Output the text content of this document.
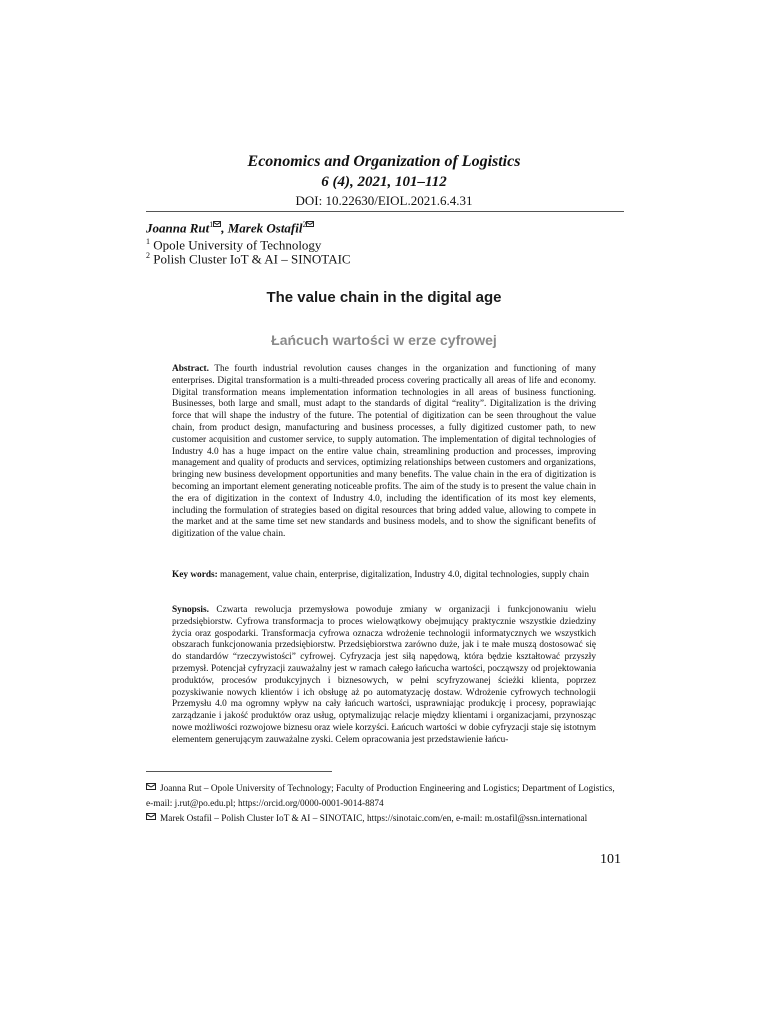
Economics and Organization of Logistics
6 (4), 2021, 101–112
DOI: 10.22630/EIOL.2021.6.4.31
Joanna Rut$^1$ , Marek Ostafil$^2$
$^1$ Opole University of Technology
$^2$ Polish Cluster IoT & AI – SINOTAIC
The value chain in the digital age
Łańcuch wartości w erze cyfrowej
Abstract. The fourth industrial revolution causes changes in the organization and functioning of many enterprises. Digital transformation is a multi-threaded process covering practically all areas of life and economy. Digital transformation means implementation information technologies in all areas of business functioning. Businesses, both large and small, must adapt to the standards of digital “reality”. Digitalization is the driving force that will shape the industry of the future. The potential of digitization can be seen throughout the value chain, from product design, manufacturing and business processes, a fully digitized customer path, to new customer acquisition and customer service, to supply automation. The implementation of digital technologies of Industry 4.0 has a huge impact on the entire value chain, streamlining production and processes, improving management and quality of products and services, optimizing relationships between customers and organizations, bringing new business development opportunities and many benefits. The value chain in the era of digitization is becoming an important element generating noticeable profits. The aim of the study is to present the value chain in the era of digitization in the context of Industry 4.0, including the identification of its most key elements, including the formulation of strategies based on digital resources that bring added value, allowing to compete in the market and at the same time set new standards and business models, and to show the significant benefits of digitization of the value chain.
Key words: management, value chain, enterprise, digitalization, Industry 4.0, digital technologies, supply chain
Synopsis. Czwarta rewolucja przemysłowa powoduje zmiany w organizacji i funkcjonowaniu wielu przedsiębiorstw. Cyfrowa transformacja to proces wielowątkowy obejmujący praktycznie wszystkie dziedziny życia oraz gospodarki. Transformacja cyfrowa oznacza wdrożenie technologii informatycznych we wszystkich obszarach funkcjonowania przedsiębiorstw. Przedsiębiorstwa zarówno duże, jak i te małe muszą dostosować się do standardów “rzeczywistości” cyfrowej. Cyfryzacja jest siłą napędową, która będzie kształtować przyszły przemysł. Potencjał cyfryzacji zauważalny jest w ramach całego łańcucha wartości, począwszy od projektowania produktów, procesów produkcyjnych i biznesowych, w pełni scyfryzowanej ścieżki klienta, poprzez pozyskiwanie nowych klientów i ich obsługę aż po automatyzację dostaw. Wdrożenie cyfrowych technologii Przemysłu 4.0 ma ogromny wpływ na cały łańcuch wartości, usprawniając produkcję i procesy, poprawiając zarządzanie i jakość produktów oraz usług, optymalizując relacje między klientami i organizacjami, przynosząc nowe możliwości rozwojowe biznesu oraz wiele korzyści. Łańcuch wartości w dobie cyfryzacji staje się istotnym elementem generującym zauważalne zyski. Celem opracowania jest przedstawienie łańcu-
Joanna Rut – Opole University of Technology; Faculty of Production Engineering and Logistics; Department of Logistics, e-mail: j.rut@po.edu.pl; https://orcid.org/0000-0001-9014-8874
Marek Ostafil – Polish Cluster IoT & AI – SINOTAIC, https://sinotaic.com/en, e-mail: m.ostafil@ssn.international
101
